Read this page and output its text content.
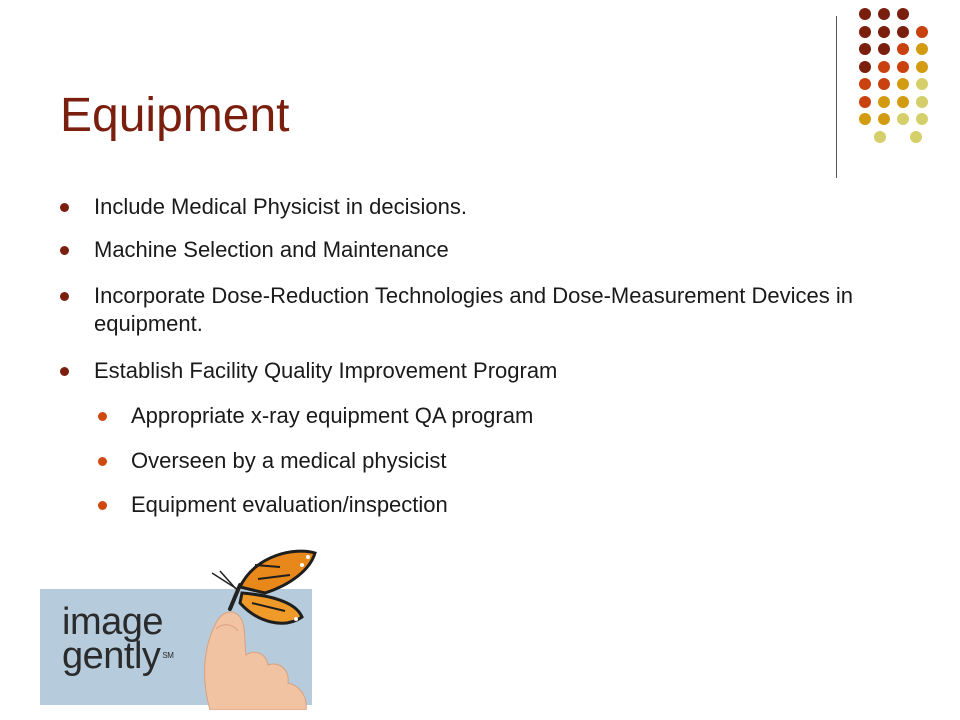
Equipment
Include Medical Physicist in decisions.
Machine Selection and Maintenance
Incorporate Dose-Reduction Technologies and Dose-Measurement Devices in equipment.
Establish Facility Quality Improvement Program
Appropriate x-ray equipment QA program
Overseen by a medical physicist
Equipment evaluation/inspection
image
gently ℠
